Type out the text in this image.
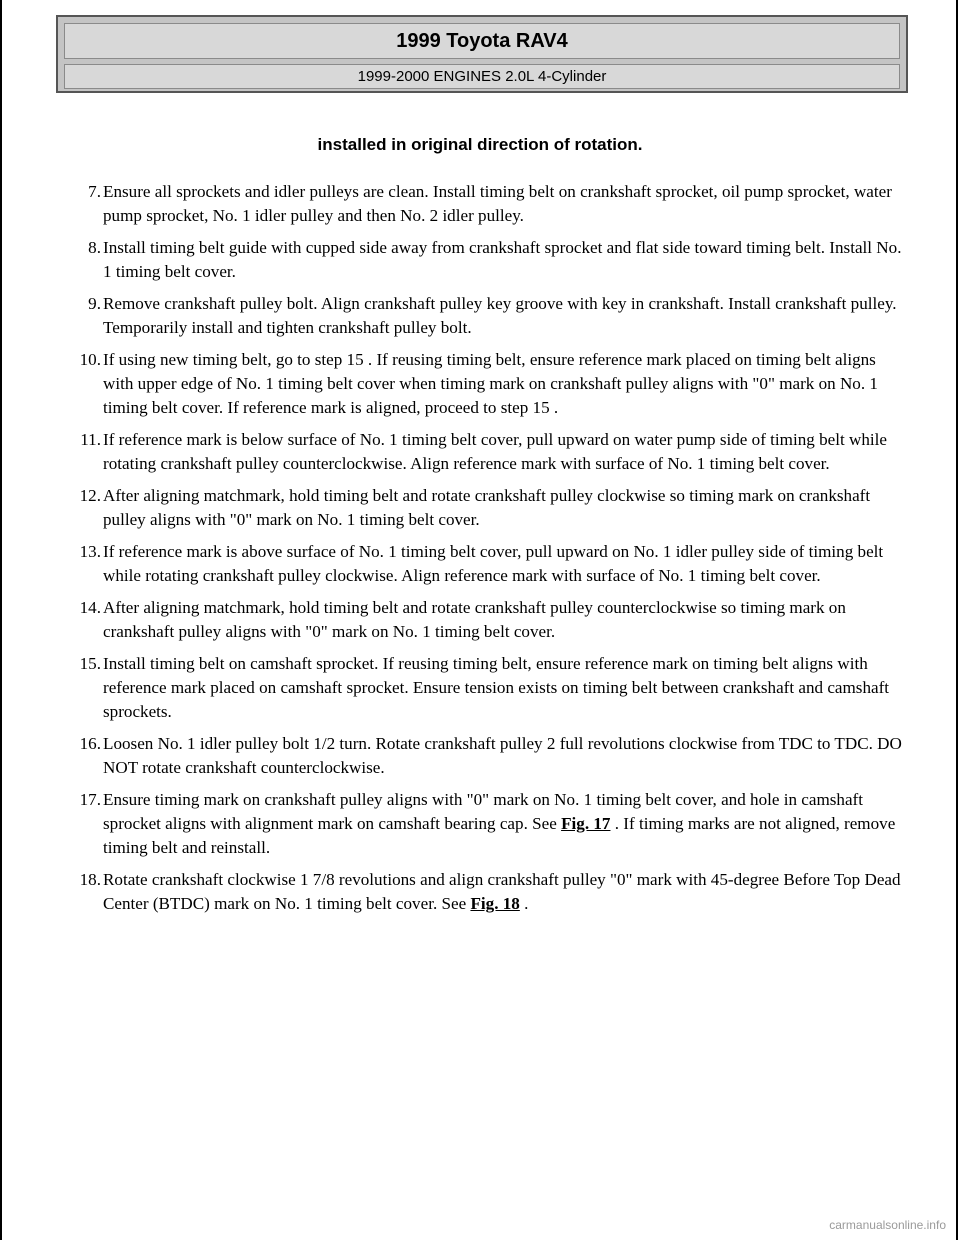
1999 Toyota RAV4
1999-2000 ENGINES 2.0L 4-Cylinder
installed in original direction of rotation.
7. Ensure all sprockets and idler pulleys are clean. Install timing belt on crankshaft sprocket, oil pump sprocket, water pump sprocket, No. 1 idler pulley and then No. 2 idler pulley.
8. Install timing belt guide with cupped side away from crankshaft sprocket and flat side toward timing belt. Install No. 1 timing belt cover.
9. Remove crankshaft pulley bolt. Align crankshaft pulley key groove with key in crankshaft. Install crankshaft pulley. Temporarily install and tighten crankshaft pulley bolt.
10. If using new timing belt, go to step 15 . If reusing timing belt, ensure reference mark placed on timing belt aligns with upper edge of No. 1 timing belt cover when timing mark on crankshaft pulley aligns with "0" mark on No. 1 timing belt cover. If reference mark is aligned, proceed to step 15 .
11. If reference mark is below surface of No. 1 timing belt cover, pull upward on water pump side of timing belt while rotating crankshaft pulley counterclockwise. Align reference mark with surface of No. 1 timing belt cover.
12. After aligning matchmark, hold timing belt and rotate crankshaft pulley clockwise so timing mark on crankshaft pulley aligns with "0" mark on No. 1 timing belt cover.
13. If reference mark is above surface of No. 1 timing belt cover, pull upward on No. 1 idler pulley side of timing belt while rotating crankshaft pulley clockwise. Align reference mark with surface of No. 1 timing belt cover.
14. After aligning matchmark, hold timing belt and rotate crankshaft pulley counterclockwise so timing mark on crankshaft pulley aligns with "0" mark on No. 1 timing belt cover.
15. Install timing belt on camshaft sprocket. If reusing timing belt, ensure reference mark on timing belt aligns with reference mark placed on camshaft sprocket. Ensure tension exists on timing belt between crankshaft and camshaft sprockets.
16. Loosen No. 1 idler pulley bolt 1/2 turn. Rotate crankshaft pulley 2 full revolutions clockwise from TDC to TDC. DO NOT rotate crankshaft counterclockwise.
17. Ensure timing mark on crankshaft pulley aligns with "0" mark on No. 1 timing belt cover, and hole in camshaft sprocket aligns with alignment mark on camshaft bearing cap. See Fig. 17 . If timing marks are not aligned, remove timing belt and reinstall.
18. Rotate crankshaft clockwise 1 7/8 revolutions and align crankshaft pulley "0" mark with 45-degree Before Top Dead Center (BTDC) mark on No. 1 timing belt cover. See Fig. 18 .
carmanualsonline.info
